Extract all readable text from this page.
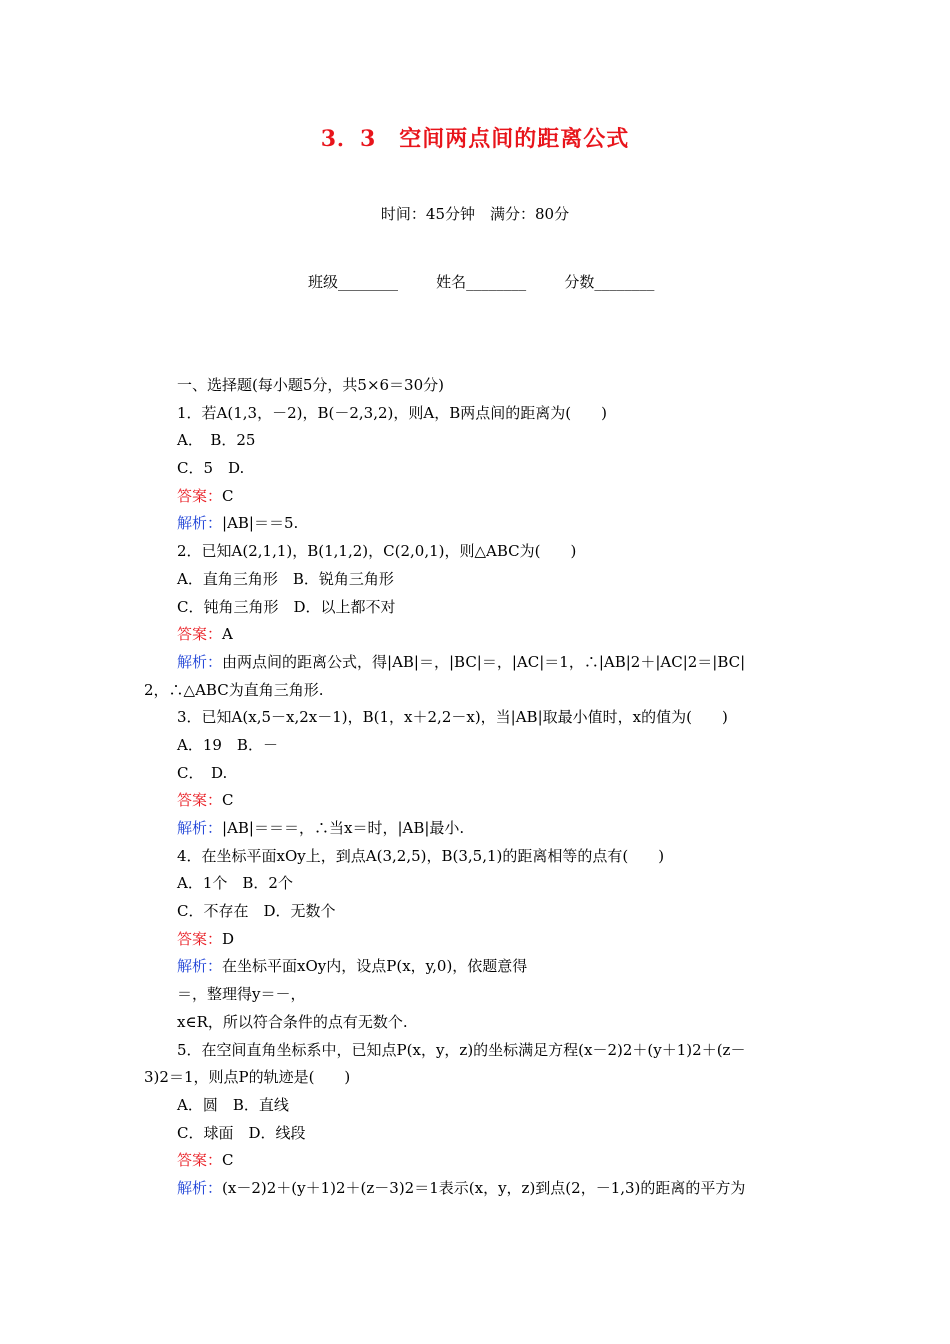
3．3　空间两点间的距离公式
时间：45分钟　满分：80分
班级________	姓名________	分数________
一、选择题(每小题5分，共5×6＝30分)
1．若A(1,3，－2)，B(－2,3,2)，则A，B两点间的距离为(　　)
A．　B．25
C．5　D.
答案：C
解析：|AB|＝＝5.
2．已知A(2,1,1)，B(1,1,2)，C(2,0,1)，则△ABC为(　　)
A．直角三角形　B．锐角三角形
C．钝角三角形　D．以上都不对
答案：A
解析：由两点间的距离公式，得|AB|＝，|BC|＝，|AC|＝1，∴|AB|2＋|AC|2＝|BC|
2，∴△ABC为直角三角形.
3．已知A(x,5－x,2x－1)，B(1，x＋2,2－x)，当|AB|取最小值时，x的值为(　　)
A．19　B．－
C．　D.
答案：C
解析：|AB|＝＝＝，∴当x＝时，|AB|最小.
4．在坐标平面xOy上，到点A(3,2,5)，B(3,5,1)的距离相等的点有(　　)
A．1个　B．2个
C．不存在　D．无数个
答案：D
解析：在坐标平面xOy内，设点P(x，y,0)，依题意得
＝，整理得y＝－，
x∈R，所以符合条件的点有无数个.
5．在空间直角坐标系中，已知点P(x，y，z)的坐标满足方程(x－2)2＋(y＋1)2＋(z－
3)2＝1，则点P的轨迹是(　　)
A．圆　B．直线
C．球面　D．线段
答案：C
解析：(x－2)2＋(y＋1)2＋(z－3)2＝1表示(x，y，z)到点(2，－1,3)的距离的平方为
